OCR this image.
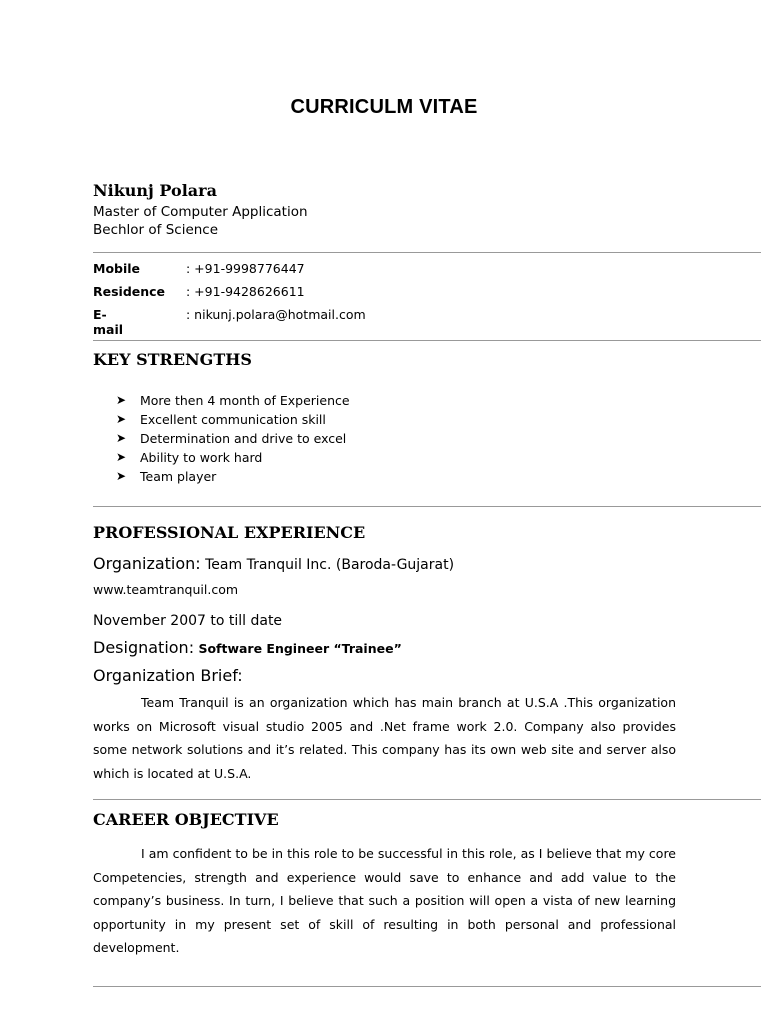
CURRICULM VITAE
Nikunj Polara
Master of Computer Application
Bechlor of Science
Mobile	: +91-9998776447
Residence : +91-9428626611
E-mail
: nikunj.polara@hotmail.com
KEY STRENGTHS
➤ More then 4 month of Experience
➤ Excellent communication skill
➤ Determination and drive to excel
➤ Ability to work hard
➤ Team player
PROFESSIONAL EXPERIENCE
Organization: Team Tranquil Inc. (Baroda-Gujarat)
www.teamtranquil.com
November 2007 to till date
Designation: Software Engineer “Trainee”
Organization Brief:

Team Tranquil is an organization which has main branch at U.S.A .This organization works on Microsoft visual studio 2005 and .Net frame work 2.0. Company also provides some network solutions and it’s related. This company has its own web site and server also which is located at U.S.A.

CAREER OBJECTIVE

I am confident to be in this role to be successful in this role, as I believe that my core Competencies, strength and experience would save to enhance and add value to the company’s business. In turn, I believe that such a position will open a vista of new learning opportunity in my present set of skill of resulting in both personal and professional development.
